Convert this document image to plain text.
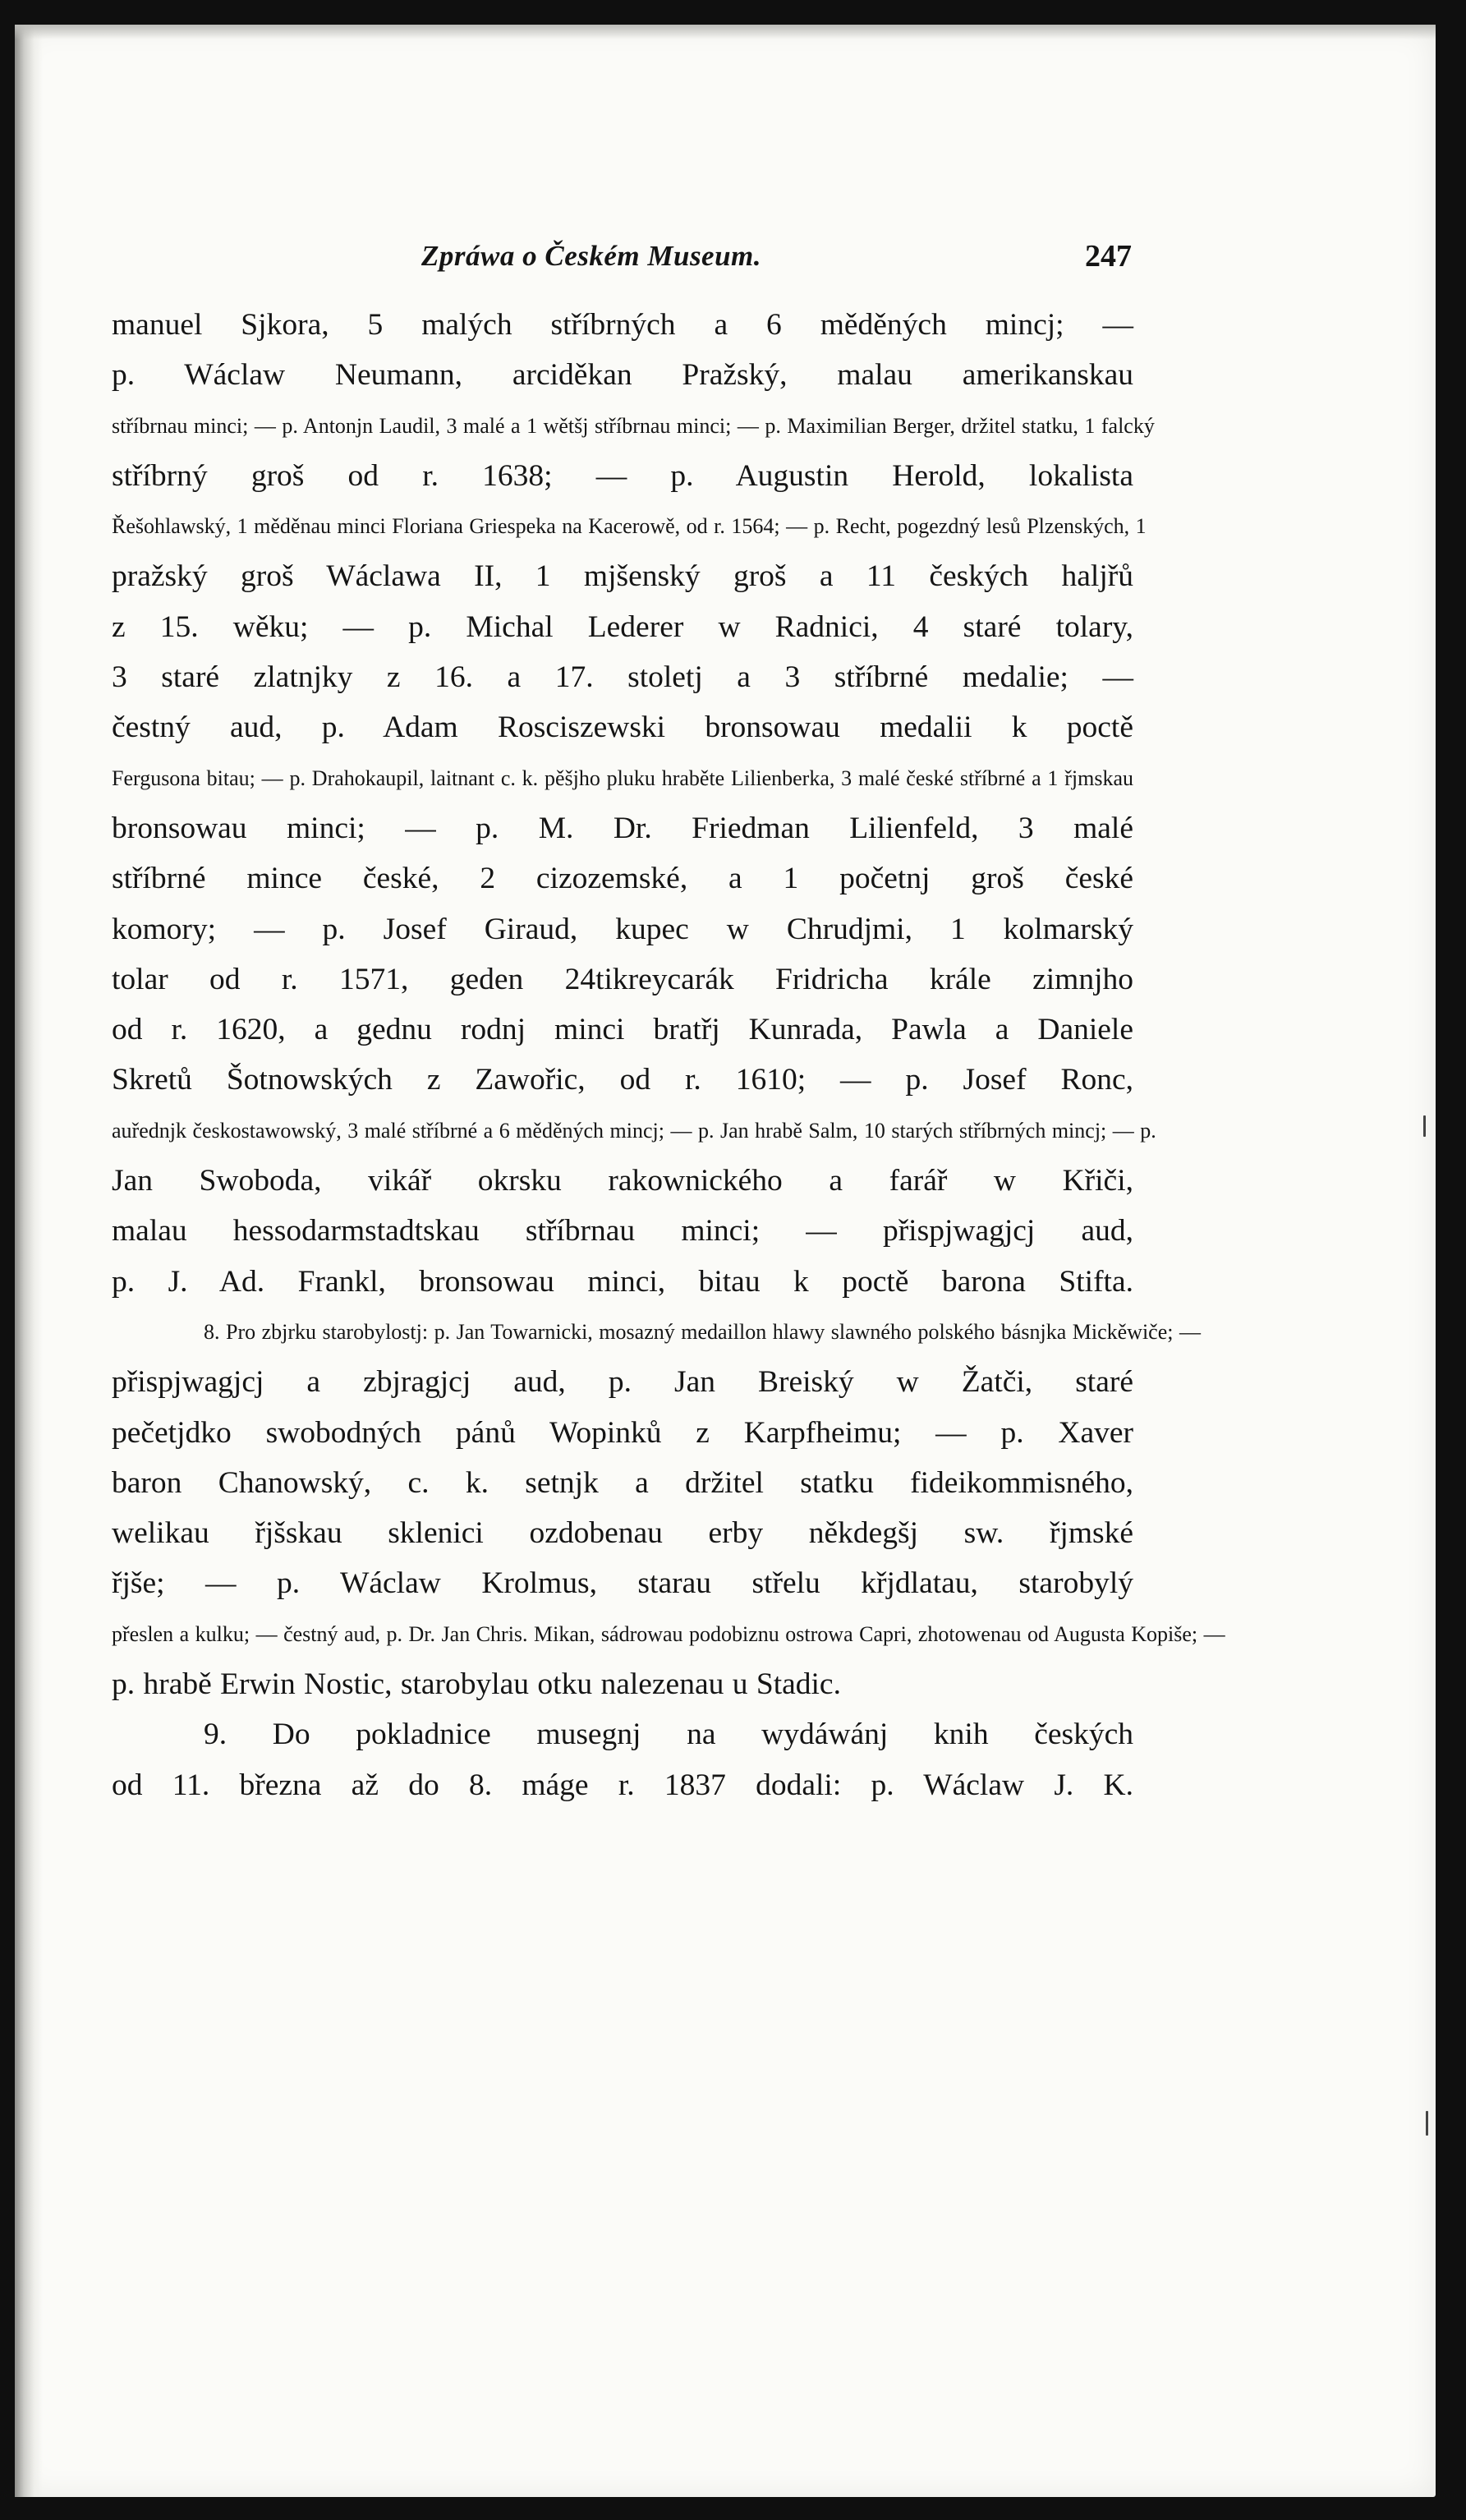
Zpráwa o Českém Museum.	247
manuel Sjkora, 5 malých stříbrných a 6 měděných mincj; —
p. Wáclaw Neumann, arciděkan Pražský, malau amerikanskau
stříbrnau minci; — p. Antonjn Laudil, 3 malé a 1 wětšj stříbrnau minci; — p. Maximilian Berger, držitel statku, 1 falcký
stříbrný groš od r. 1638; — p. Augustin Herold, lokalista
Řešohlawský, 1 měděnau minci Floriana Griespeka na Kacerowě, od r. 1564; — p. Recht, pogezdný lesů Plzenských, 1
pražský groš Wáclawa II, 1 mjšenský groš a 11 českých haljřů
z 15. wěku; — p. Michal Lederer w Radnici, 4 staré tolary,
3 staré zlatnjky z 16. a 17. stoletj a 3 stříbrné medalie; —
čestný aud, p. Adam Rosciszewski bronsowau medalii k poctě
Fergusona bitau; — p. Drahokaupil, laitnant c. k. pěšjho pluku hraběte Lilienberka, 3 malé české stříbrné a 1 řjmskau
bronsowau minci; — p. M. Dr. Friedman Lilienfeld, 3 malé
stříbrné mince české, 2 cizozemské, a 1 početnj groš české
komory; — p. Josef Giraud, kupec w Chrudjmi, 1 kolmarský
tolar od r. 1571, geden 24tikreycarák Fridricha krále zimnjho
od r. 1620, a gednu rodnj minci bratřj Kunrada, Pawla a Daniele
Skretů Šotnowských z Zawořic, od r. 1610; — p. Josef Ronc,
auřednjk českostawowský, 3 malé stříbrné a 6 měděných mincj; — p. Jan hrabě Salm, 10 starých stříbrných mincj; — p.
Jan Swoboda, vikář okrsku rakownického a farář w Křiči,
malau hessodarmstadtskau stříbrnau minci; — přispjwagjcj aud,
p. J. Ad. Frankl, bronsowau minci, bitau k poctě barona Stifta.
8. Pro zbjrku starobylostj: p. Jan Towarnicki, mosazný medaillon hlawy slawného polského básnjka Mickěwiče; —
přispjwagjcj a zbjragjcj aud, p. Jan Breiský w Žatči, staré
pečetjdko swobodných pánů Wopinků z Karpfheimu; — p. Xaver
baron Chanowský, c. k. setnjk a držitel statku fideikommisného,
welikau řjšskau sklenici ozdobenau erby někdegšj sw. řjmské
řjše; — p. Wáclaw Krolmus, starau střelu křjdlatau, starobylý
přeslen a kulku; — čestný aud, p. Dr. Jan Chris. Mikan, sádrowau podobiznu ostrowa Capri, zhotowenau od Augusta Kopiše; —
p. hrabě Erwin Nostic, starobylau otku nalezenau u Stadic.
9. Do pokladnice musegnj na wydáwánj knih českých
od 11. března až do 8. máge r. 1837 dodali: p. Wáclaw J. K.
